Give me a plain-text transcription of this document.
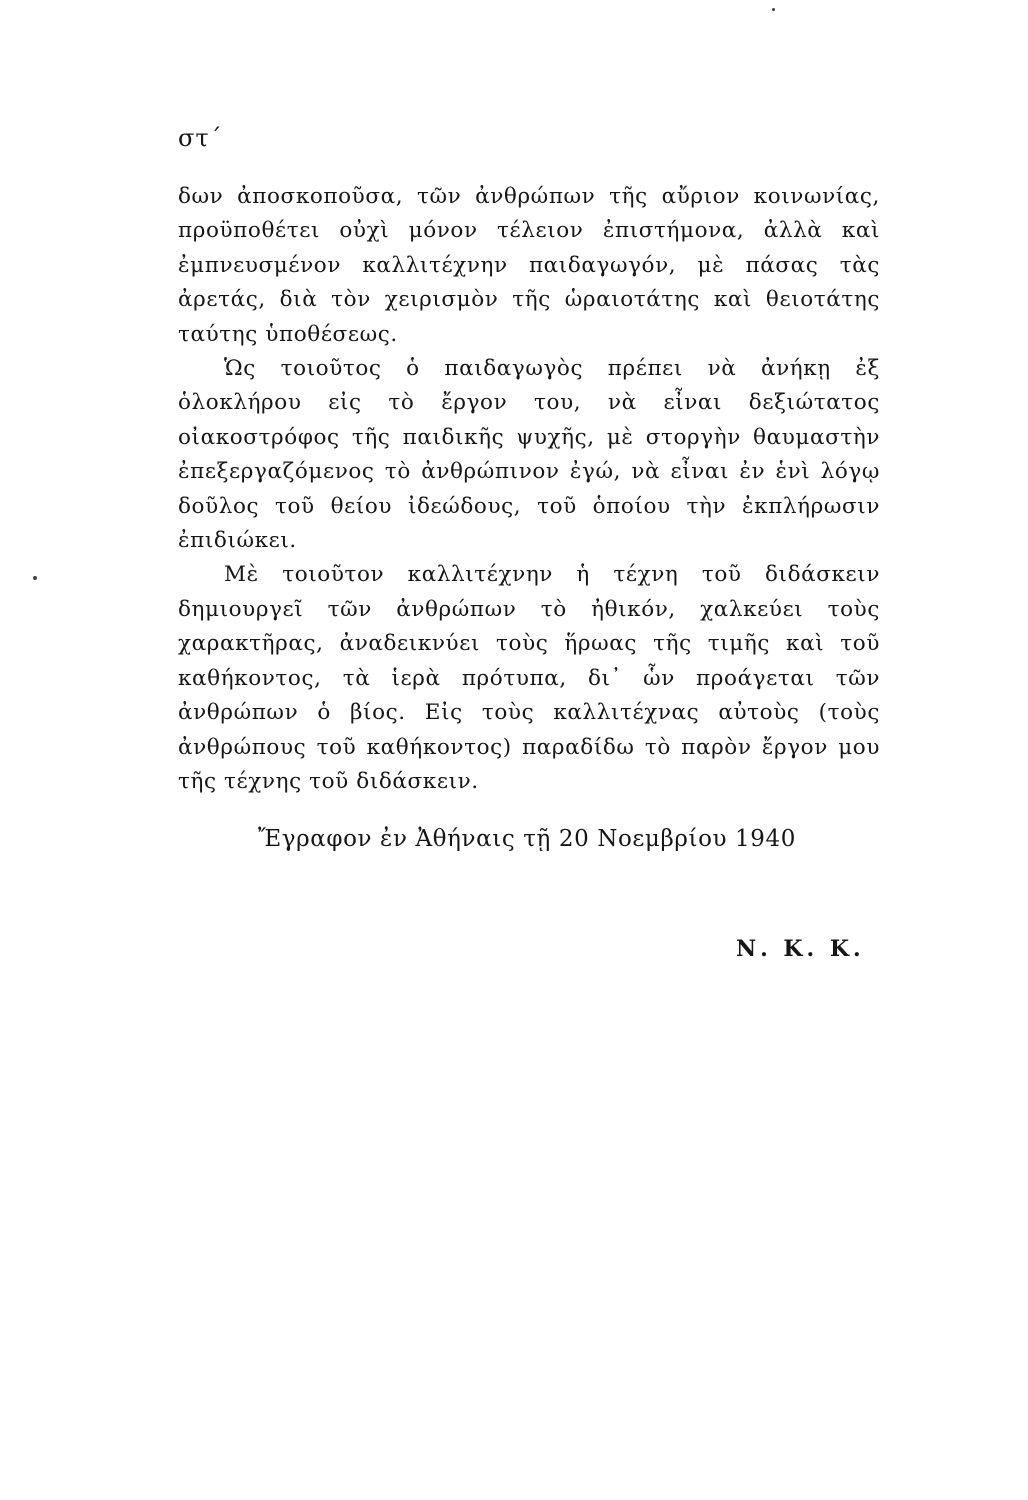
στ´

δων ἀποσκοποῦσα, τῶν ἀνθρώπων τῆς αὔριον κοινωνίας, προϋποθέτει οὐχὶ μόνον τέλειον ἐπιστήμονα, ἀλλὰ καὶ ἐμπνευσμένον καλλιτέχνην παιδαγωγόν, μὲ πάσας τὰς ἀρετάς, διὰ τὸν χειρισμὸν τῆς ὡραιοτάτης καὶ θειοτάτης ταύτης ὑποθέσεως.

Ὡς τοιοῦτος ὁ παιδαγωγὸς πρέπει νὰ ἀνήκῃ ἐξ ὁλοκλήρου εἰς τὸ ἔργον του, νὰ εἶναι δεξιώτατος οἰακοστρόφος τῆς παιδικῆς ψυχῆς, μὲ στοργὴν θαυμαστὴν ἐπεξεργαζόμενος τὸ ἀνθρώπινον ἐγώ, νὰ εἶναι ἐν ἑνὶ λόγῳ δοῦλος τοῦ θείου ἰδεώδους, τοῦ ὁποίου τὴν ἐκπλήρωσιν ἐπιδιώκει.

Μὲ τοιοῦτον καλλιτέχνην ἡ τέχνη τοῦ διδάσκειν δημιουργεῖ τῶν ἀνθρώπων τὸ ἠθικόν, χαλκεύει τοὺς χαρακτῆρας, ἀναδεικνύει τοὺς ἥρωας τῆς τιμῆς καὶ τοῦ καθήκοντος, τὰ ἱερὰ πρότυπα, δι᾽ ὧν προάγεται τῶν ἀνθρώπων ὁ βίος. Εἰς τοὺς καλλιτέχνας αὐτοὺς (τοὺς ἀνθρώπους τοῦ καθήκοντος) παραδίδω τὸ παρὸν ἔργον μου τῆς τέχνης τοῦ διδάσκειν.

Ἔγραφον ἐν Ἀθήναις τῇ 20 Νοεμβρίου 1940
Ν. Κ. Κ.
